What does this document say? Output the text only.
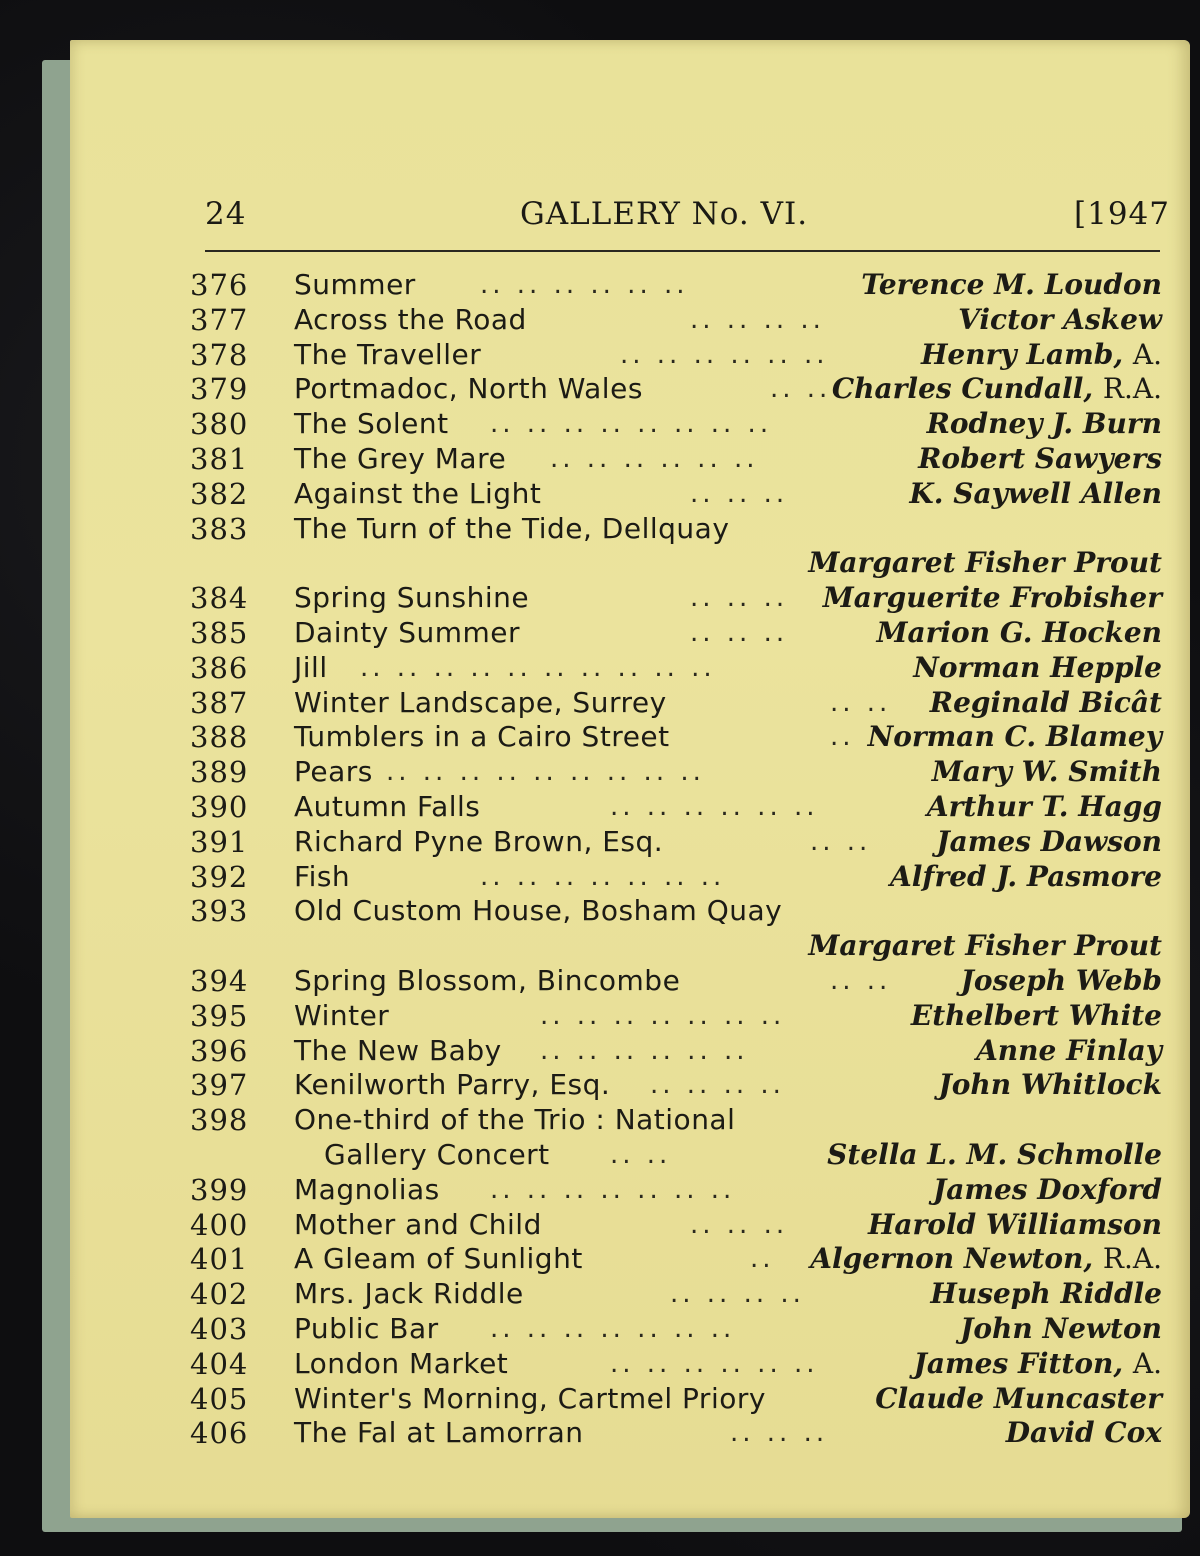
24	GALLERY No. VI.	[1947
376	Summer .. .. .. .. .. ..	Terence M. Loudon
377	Across the Road	.. .. .. ..	Victor Askew
378	The Traveller	.. .. .. .. .. ..	Henry Lamb, A.
379	Portmadoc, North Wales	.. .. Charles Cundall, R.A.
380	The Solent .. .. .. .. .. .. .. ..	Rodney J. Burn
381	The Grey Mare .. .. .. .. .. ..	Robert Sawyers
382	Against the Light	.. .. ..	K. Saywell Allen
383	The Turn of the Tide, Dellquay
Margaret Fisher Prout
384	Spring Sunshine	.. .. .. Marguerite Frobisher
385	Dainty Summer	.. .. ..	Marion G. Hocken
386	Jill .. .. .. .. .. .. .. .. .. ..	Norman Hepple
387	Winter Landscape, Surrey	.. .. Reginald Bicât
388	Tumblers in a Cairo Street	.. Norman C. Blamey
389	Pears .. .. .. .. .. .. .. .. ..	Mary W. Smith
390	Autumn Falls	.. .. .. .. .. ..	Arthur T. Hagg
391	Richard Pyne Brown, Esq.	.. .. James Dawson
392	Fish	.. .. .. .. .. .. ..	Alfred J. Pasmore
393	Old Custom House, Bosham Quay
Margaret Fisher Prout
394	Spring Blossom, Bincombe	.. .. Joseph Webb
395	Winter	.. .. .. .. .. .. ..	Ethelbert White
396	The New Baby .. .. .. .. .. ..	Anne Finlay
397	Kenilworth Parry, Esq. .. .. .. ..	John Whitlock
398	One-third of the Trio : National
Gallery Concert .. ..	Stella L. M. Schmolle
399	Magnolias .. .. .. .. .. .. ..	James Doxford
400	Mother and Child	.. .. ..	Harold Williamson
401	A Gleam of Sunlight	.. Algernon Newton, R.A.
402	Mrs. Jack Riddle	.. .. .. ..	Huseph Riddle
403	Public Bar .. .. .. .. .. .. ..	John Newton
404	London Market	.. .. .. .. .. ..	James Fitton, A.
405	Winter's Morning, Cartmel Priory	Claude Muncaster
406	The Fal at Lamorran	.. .. ..	David Cox
